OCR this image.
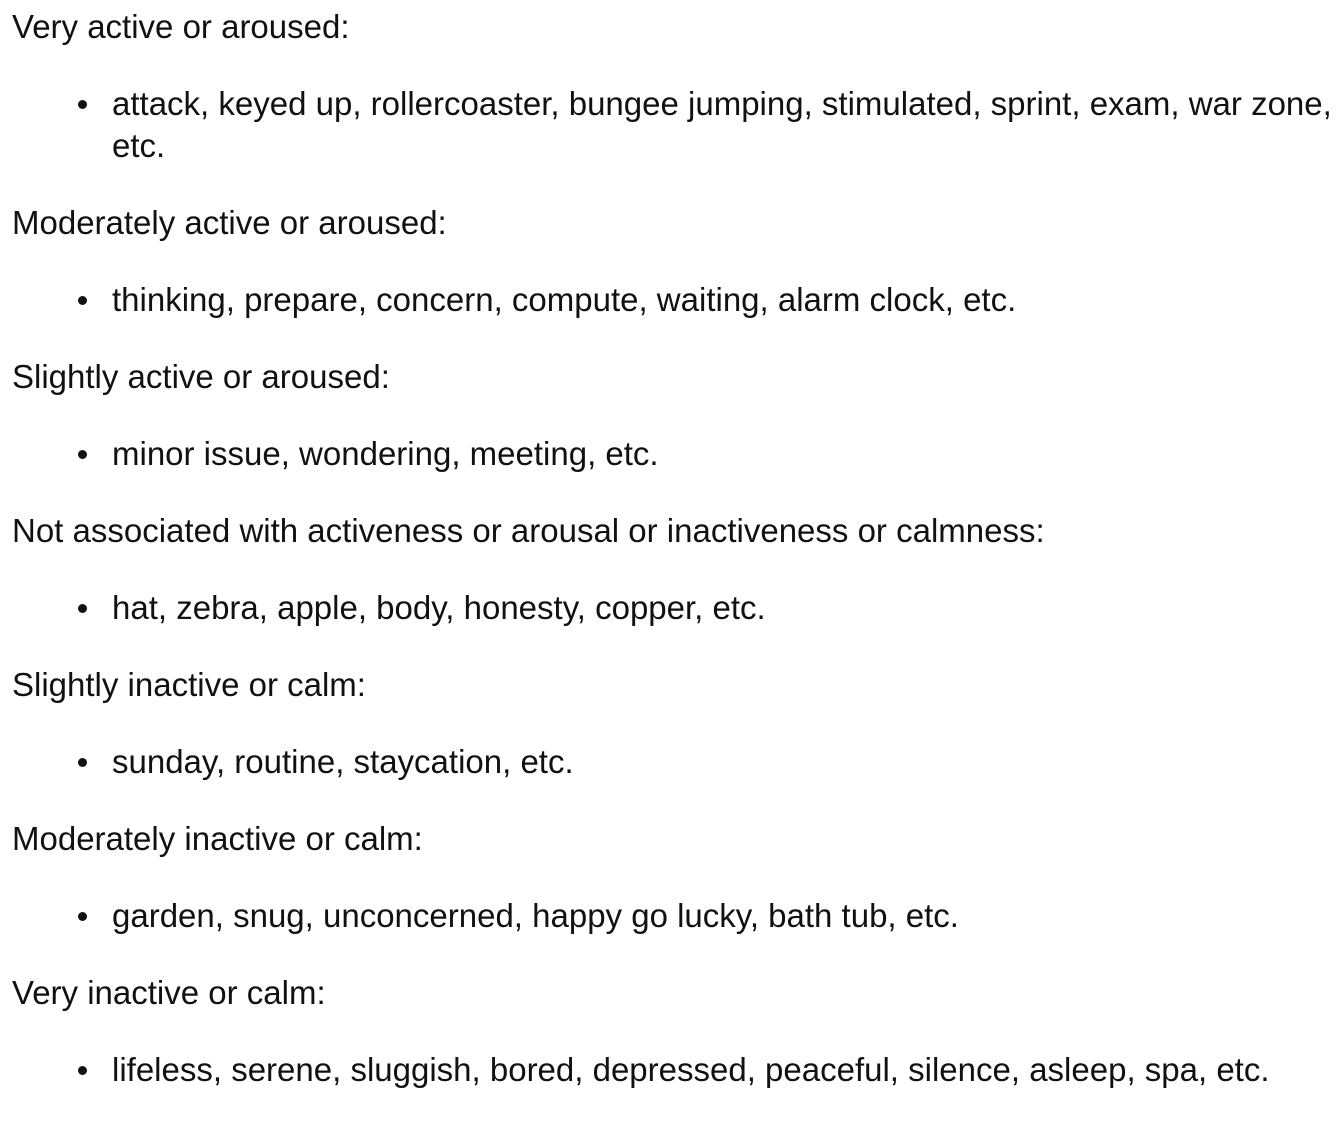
Very active or aroused:

attack, keyed up, rollercoaster, bungee jumping, stimulated, sprint, exam, war zone, etc.

Moderately active or aroused:

thinking, prepare, concern, compute, waiting, alarm clock, etc.

Slightly active or aroused:

minor issue, wondering, meeting, etc.

Not associated with activeness or arousal or inactiveness or calmness:

hat, zebra, apple, body, honesty, copper, etc.

Slightly inactive or calm:

sunday, routine, staycation, etc.

Moderately inactive or calm:

garden, snug, unconcerned, happy go lucky, bath tub, etc.

Very inactive or calm:

lifeless, serene, sluggish, bored, depressed, peaceful, silence, asleep, spa, etc.
